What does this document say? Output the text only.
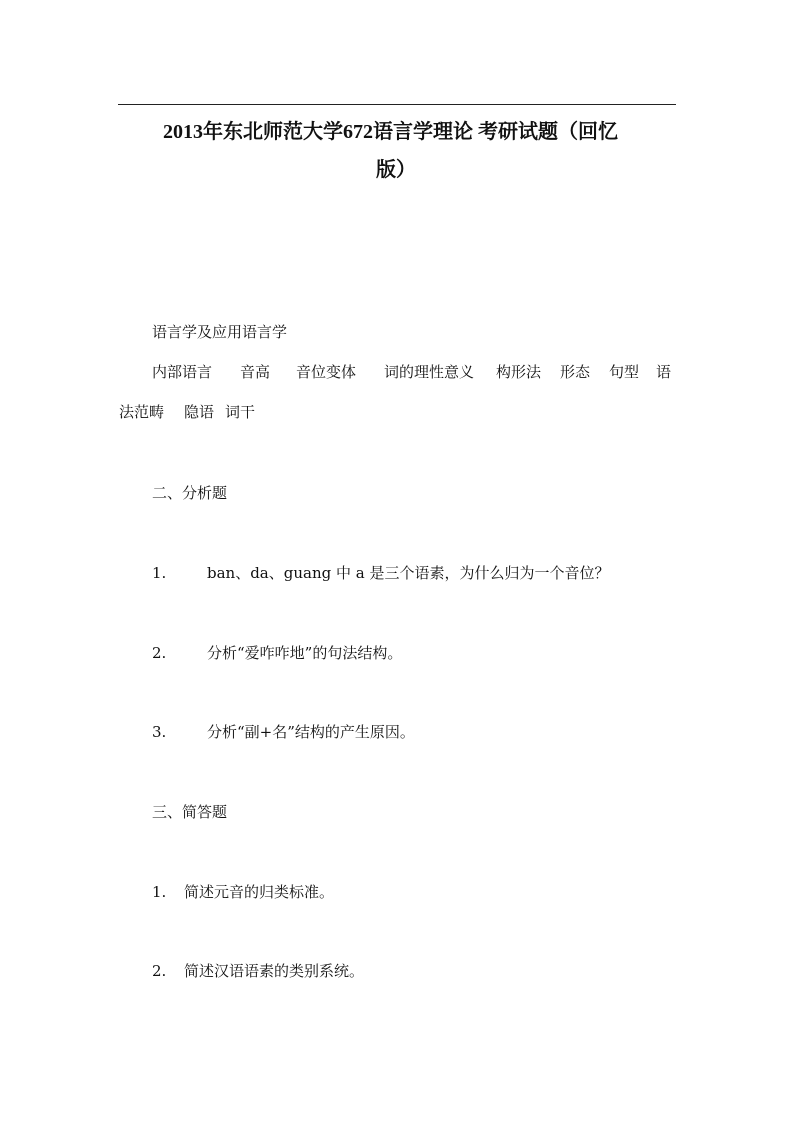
2013年东北师范大学672语言学理论 考研试题（回忆
版）
语言学及应用语言学
内部语言 音高 音位变体 词的理性意义 构形法 形态 句型 语
法范畴 隐语 词干
二、分析题
1.	ban、da、guang 中 a 是三个语素，为什么归为一个音位？
2.	分析“爱咋咋地”的句法结构。
3.	分析“副+名”结构的产生原因。
三、简答题
1. 简述元音的归类标准。
2. 简述汉语语素的类别系统。
